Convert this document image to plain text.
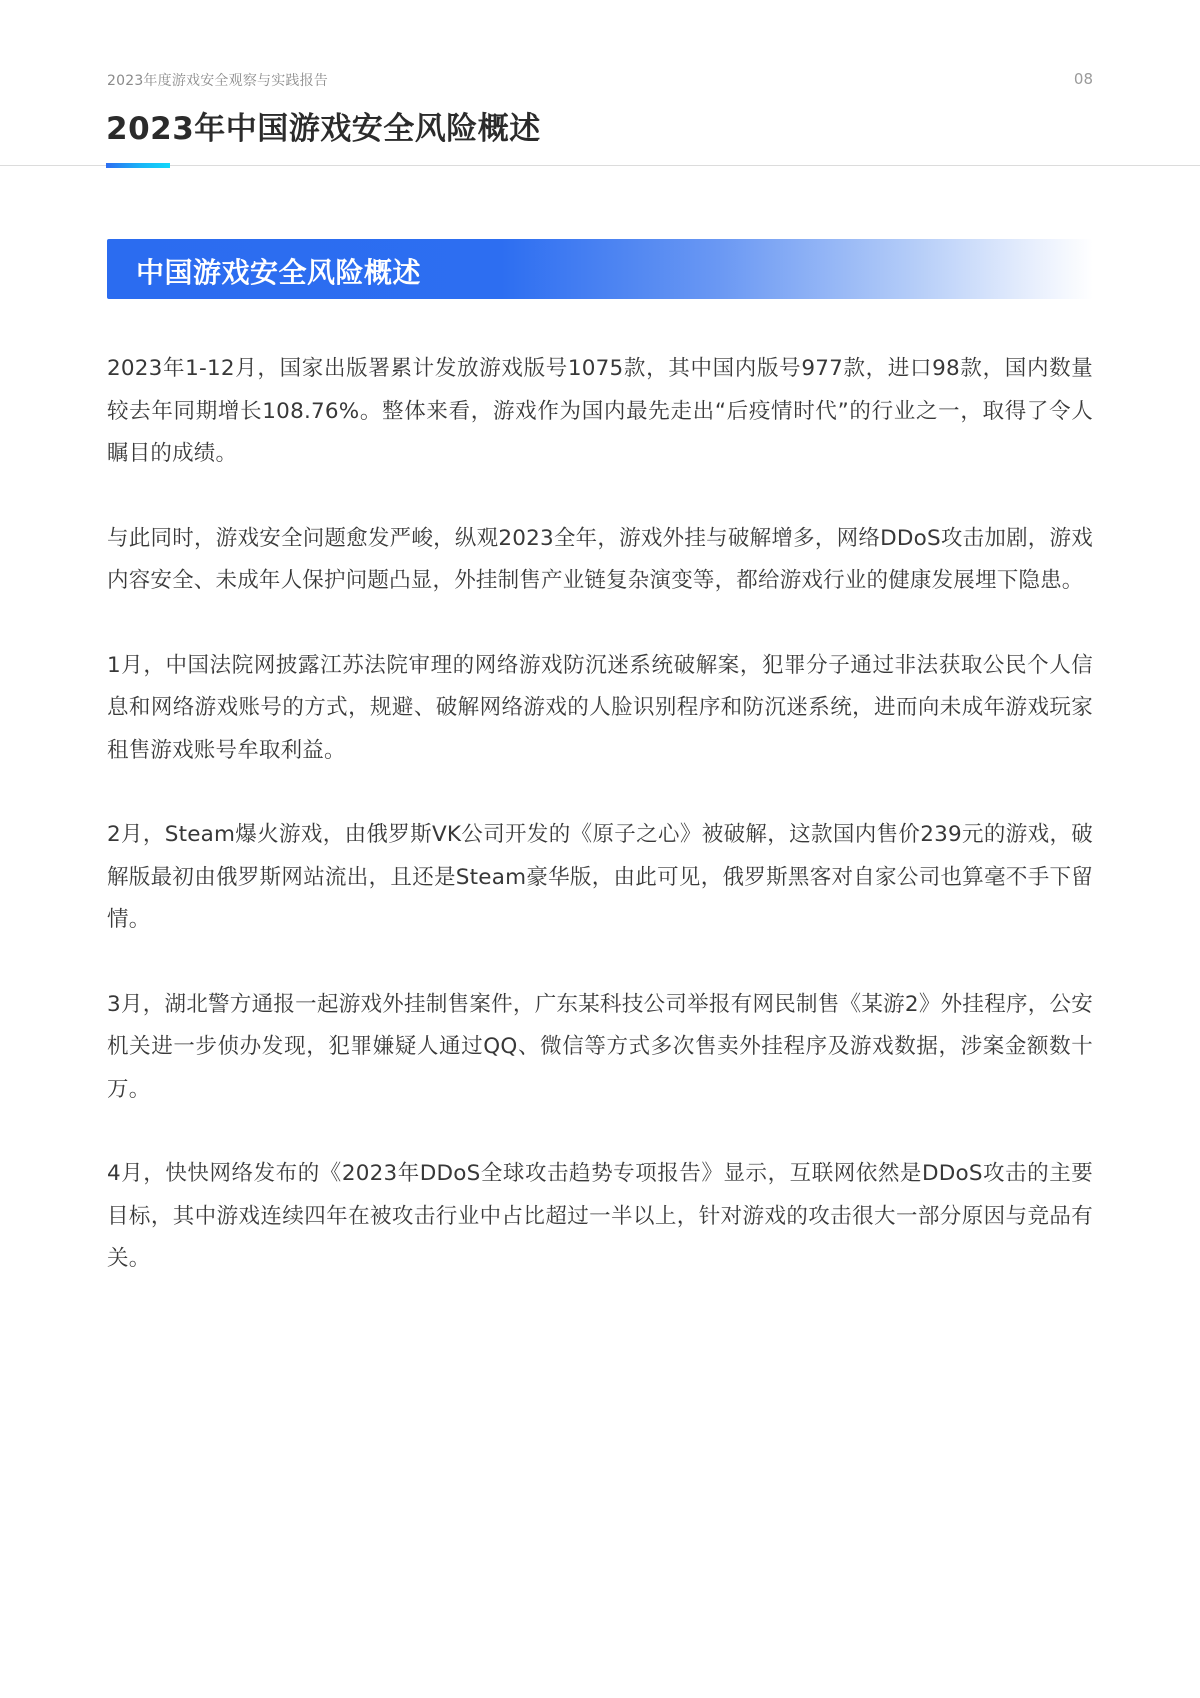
2023年度游戏安全观察与实践报告	08
2023年中国游戏安全风险概述
中国游戏安全风险概述

2023年1-12月，国家出版署累计发放游戏版号1075款，其中国内版号977款，进口98款，国内数量较去年同期增长108.76%。整体来看，游戏作为国内最先走出“后疫情时代”的行业之一，取得了令人瞩目的成绩。

与此同时，游戏安全问题愈发严峻，纵观2023全年，游戏外挂与破解增多，网络DDoS攻击加剧，游戏内容安全、未成年人保护问题凸显，外挂制售产业链复杂演变等，都给游戏行业的健康发展埋下隐患。

1月，中国法院网披露江苏法院审理的网络游戏防沉迷系统破解案，犯罪分子通过非法获取公民个人信息和网络游戏账号的方式，规避、破解网络游戏的人脸识别程序和防沉迷系统，进而向未成年游戏玩家租售游戏账号牟取利益。

2月，Steam爆火游戏，由俄罗斯VK公司开发的《原子之心》被破解，这款国内售价239元的游戏，破解版最初由俄罗斯网站流出，且还是Steam豪华版，由此可见，俄罗斯黑客对自家公司也算毫不手下留情。

3月，湖北警方通报一起游戏外挂制售案件，广东某科技公司举报有网民制售《某游2》外挂程序，公安机关进一步侦办发现，犯罪嫌疑人通过QQ、微信等方式多次售卖外挂程序及游戏数据，涉案金额数十万。

4月，快快网络发布的《2023年DDoS全球攻击趋势专项报告》显示，互联网依然是DDoS攻击的主要目标，其中游戏连续四年在被攻击行业中占比超过一半以上，针对游戏的攻击很大一部分原因与竞品有关。
